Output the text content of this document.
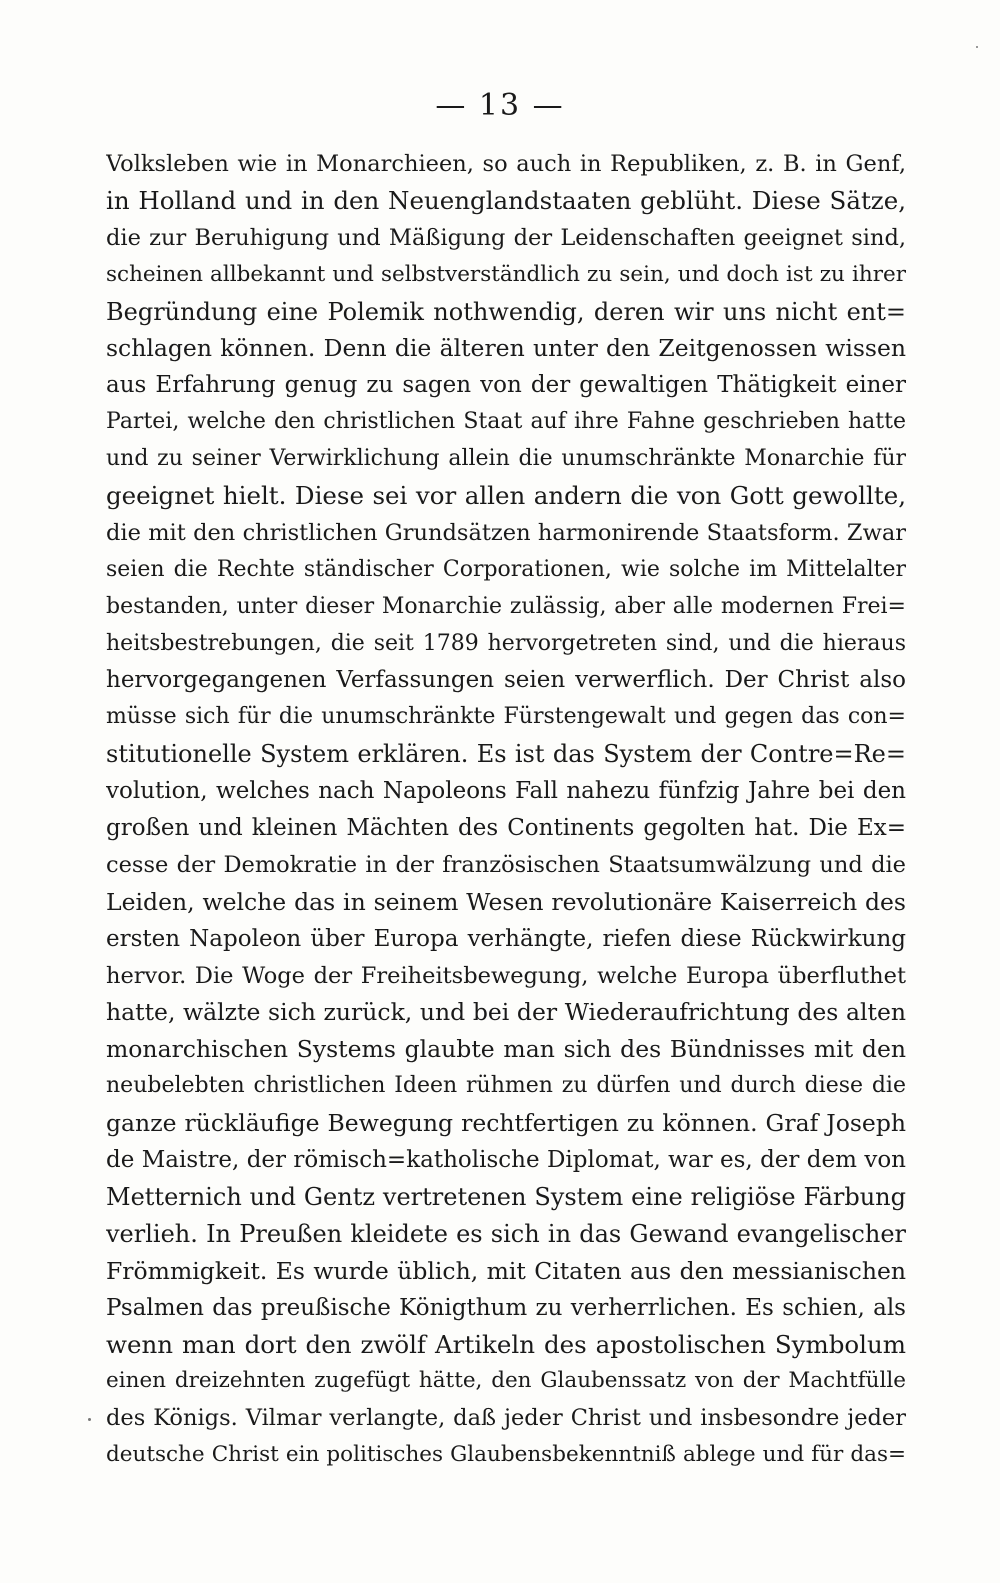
— 13 —
Volksleben wie in Monarchieen, so auch in Republiken, z. B. in Genf,
in Holland und in den Neuenglandstaaten geblüht. Diese Sätze,
die zur Beruhigung und Mäßigung der Leidenschaften geeignet sind,
scheinen allbekannt und selbstverständlich zu sein, und doch ist zu ihrer
Begründung eine Polemik nothwendig, deren wir uns nicht ent=
schlagen können. Denn die älteren unter den Zeitgenossen wissen
aus Erfahrung genug zu sagen von der gewaltigen Thätigkeit einer
Partei, welche den christlichen Staat auf ihre Fahne geschrieben hatte
und zu seiner Verwirklichung allein die unumschränkte Monarchie für
geeignet hielt. Diese sei vor allen andern die von Gott gewollte,
die mit den christlichen Grundsätzen harmonirende Staatsform. Zwar
seien die Rechte ständischer Corporationen, wie solche im Mittelalter
bestanden, unter dieser Monarchie zulässig, aber alle modernen Frei=
heitsbestrebungen, die seit 1789 hervorgetreten sind, und die hieraus
hervorgegangenen Verfassungen seien verwerflich. Der Christ also
müsse sich für die unumschränkte Fürstengewalt und gegen das con=
stitutionelle System erklären. Es ist das System der Contre=Re=
volution, welches nach Napoleons Fall nahezu fünfzig Jahre bei den
großen und kleinen Mächten des Continents gegolten hat. Die Ex=
cesse der Demokratie in der französischen Staatsumwälzung und die
Leiden, welche das in seinem Wesen revolutionäre Kaiserreich des
ersten Napoleon über Europa verhängte, riefen diese Rückwirkung
hervor. Die Woge der Freiheitsbewegung, welche Europa überfluthet
hatte, wälzte sich zurück, und bei der Wiederaufrichtung des alten
monarchischen Systems glaubte man sich des Bündnisses mit den
neubelebten christlichen Ideen rühmen zu dürfen und durch diese die
ganze rückläufige Bewegung rechtfertigen zu können. Graf Joseph
de Maistre, der römisch=katholische Diplomat, war es, der dem von
Metternich und Gentz vertretenen System eine religiöse Färbung
verlieh. In Preußen kleidete es sich in das Gewand evangelischer
Frömmigkeit. Es wurde üblich, mit Citaten aus den messianischen
Psalmen das preußische Königthum zu verherrlichen. Es schien, als
wenn man dort den zwölf Artikeln des apostolischen Symbolum
einen dreizehnten zugefügt hätte, den Glaubenssatz von der Machtfülle
des Königs. Vilmar verlangte, daß jeder Christ und insbesondre jeder
deutsche Christ ein politisches Glaubensbekenntniß ablege und für das=
